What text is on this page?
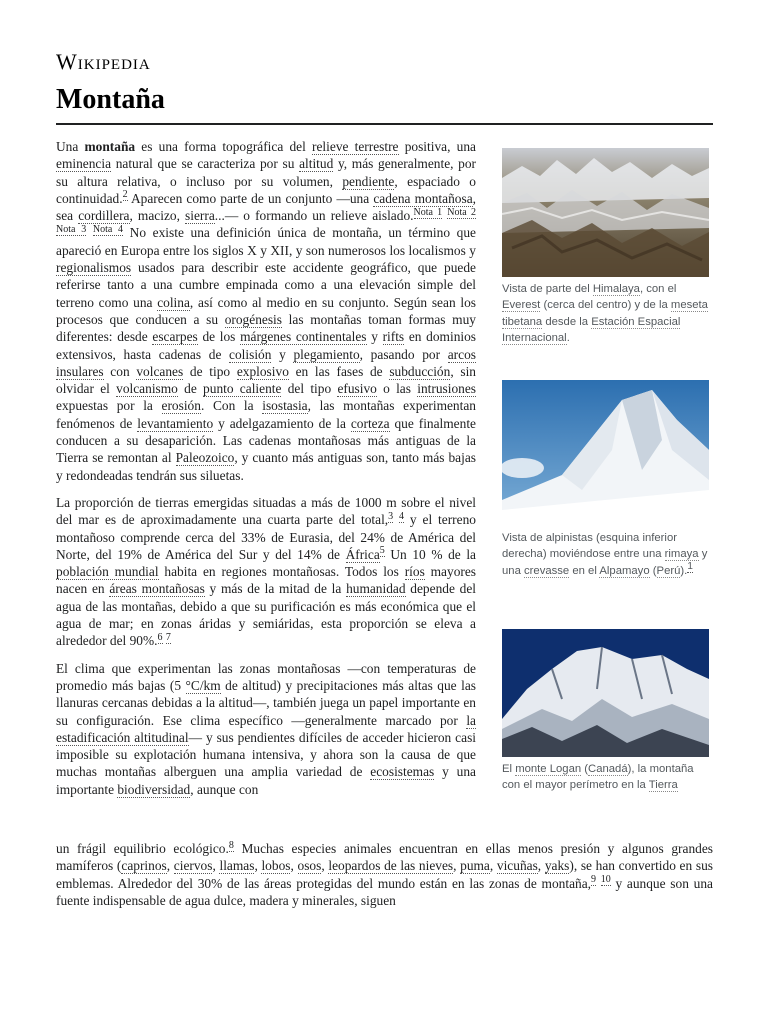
Wikipedia
Montaña

Una montaña es una forma topográfica del relieve terrestre positiva, una eminencia natural que se caracteriza por su altitud y, más generalmente, por su altura relativa, o incluso por su volumen, pendiente, espaciado o continuidad.$^2$ Aparecen como parte de un conjunto —una cadena montañosa, sea cordillera, macizo, sierra...— o formando un relieve aislado.$^{Nota 1}$ $^{Nota 2}$ $^{Nota 3}$ $^{Nota 4}$ No existe una definición única de montaña, un término que apareció en Europa entre los siglos X y XII, y son numerosos los localismos y regionalismos usados para describir este accidente geográfico, que puede referirse tanto a una cumbre empinada como a una elevación simple del terreno como una colina, así como al medio en su conjunto. Según sean los procesos que conducen a su orogénesis las montañas toman formas muy diferentes: desde escarpes de los márgenes continentales y rifts en dominios extensivos, hasta cadenas de colisión y plegamiento, pasando por arcos insulares con volcanes de tipo explosivo en las fases de subducción, sin olvidar el volcanismo de punto caliente del tipo efusivo o las intrusiones expuestas por la erosión. Con la isostasia, las montañas experimentan fenómenos de levantamiento y adelgazamiento de la corteza que finalmente conducen a su desaparición. Las cadenas montañosas más antiguas de la Tierra se remontan al Paleozoico, y cuanto más antiguas son, tanto más bajas y redondeadas tendrán sus siluetas.

La proporción de tierras emergidas situadas a más de 1000 m sobre el nivel del mar es de aproximadamente una cuarta parte del total,$^3$ $^4$ y el terreno montañoso comprende cerca del 33% de Eurasia, del 24% de América del Norte, del 19% de América del Sur y del 14% de África$^5$ Un 10 % de la población mundial habita en regiones montañosas. Todos los ríos mayores nacen en áreas montañosas y más de la mitad de la humanidad depende del agua de las montañas, debido a que su purificación es más económica que el agua de mar; en zonas áridas y semiáridas, esta proporción se eleva a alrededor del 90%.$^6$ $^7$

El clima que experimentan las zonas montañosas —con temperaturas de promedio más bajas (5 °C/km de altitud) y precipitaciones más altas que las llanuras cercanas debidas a la altitud—, también juega un papel importante en su configuración. Ese clima específico —generalmente marcado por la estadificación altitudinal— y sus pendientes difíciles de acceder hicieron casi imposible su explotación humana intensiva, y ahora son la causa de que muchas montañas alberguen una amplia variedad de ecosistemas y una importante biodiversidad, aunque con

un frágil equilibrio ecológico.$^8$ Muchas especies animales encuentran en ellas menos presión y algunos grandes mamíferos (caprinos, ciervos, llamas, lobos, osos, leopardos de las nieves, puma, vicuñas, yaks), se han convertido en sus emblemas. Alrededor del 30% de las áreas protegidas del mundo están en las zonas de montaña,$^9$ $^{10}$ y aunque son una fuente indispensable de agua dulce, madera y minerales, siguen

Vista de parte del Himalaya, con el Everest (cerca del centro) y de la meseta tibetana desde la Estación Espacial Internacional.
Vista de alpinistas (esquina inferior derecha) moviéndose entre una rimaya y una crevasse en el Alpamayo (Perú).$^1$
El monte Logan (Canadá), la montaña con el mayor perímetro en la Tierra
